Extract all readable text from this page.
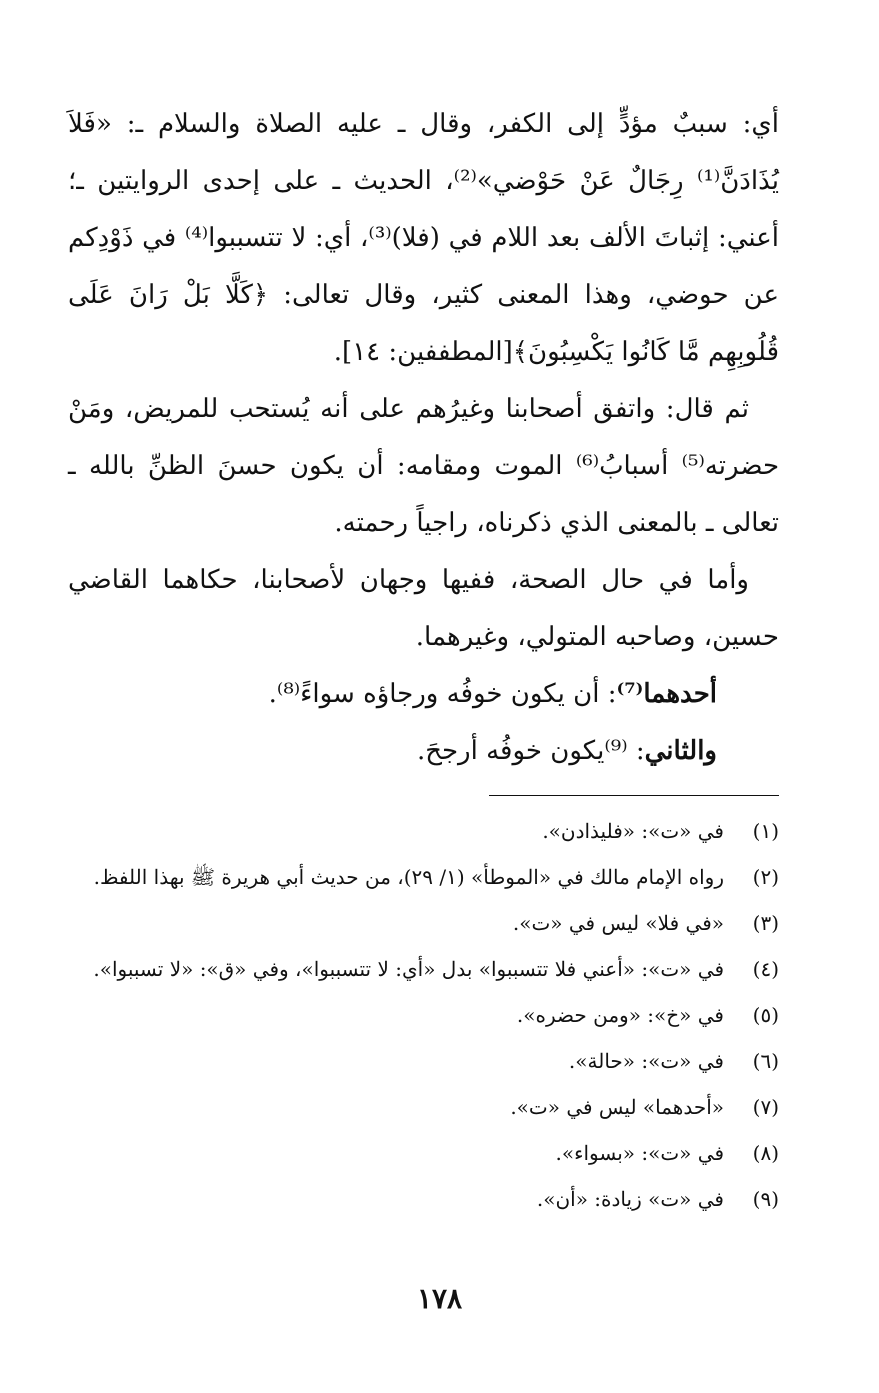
أي: سببٌ مؤدٍّ إلى الكفر، وقال ـ عليه الصلاة والسلام ـ: «فَلاَ يُذَادَنَّ⁽¹⁾ رِجَالٌ عَنْ حَوْضي»⁽²⁾، الحديث ـ على إحدى الروايتين ـ؛ أعني: إثباتَ الألف بعد اللام في (فلا)⁽³⁾، أي: لا تتسببوا⁽⁴⁾ في ذَوْدِكم عن حوضي، وهذا المعنى كثير، وقال تعالى: ﴿كَلَّا بَلْ رَانَ عَلَى قُلُوبِهِم مَّا كَانُوا يَكْسِبُونَ﴾[المطففين: ١٤].

ثم قال: واتفق أصحابنا وغيرُهم على أنه يُستحب للمريض، ومَنْ حضرته⁽⁵⁾ أسبابُ⁽⁶⁾ الموت ومقامه: أن يكون حسنَ الظنِّ بالله ـ تعالى ـ بالمعنى الذي ذكرناه، راجياً رحمته.

وأما في حال الصحة، ففيها وجهان لأصحابنا، حكاهما القاضي حسين، وصاحبه المتولي، وغيرهما.

أحدهما⁽⁷⁾: أن يكون خوفُه ورجاؤه سواءً⁽⁸⁾.

والثاني: ⁽⁹⁾يكون خوفُه أرجحَ.

(١)
في «ت»: «فليذادن».
(٢)
رواه الإمام مالك في «الموطأ» (١/ ٢٩)، من حديث أبي هريرة ﷺ بهذا اللفظ.
(٣)
«في فلا» ليس في «ت».
(٤)
في «ت»: «أعني فلا تتسببوا» بدل «أي: لا تتسببوا»، وفي «ق»: «لا تسببوا».
(٥)
في «خ»: «ومن حضره».
(٦)
في «ت»: «حالة».
(٧)
«أحدهما» ليس في «ت».
(٨)
في «ت»: «بسواء».
(٩)
في «ت» زيادة: «أن».
١٧٨
